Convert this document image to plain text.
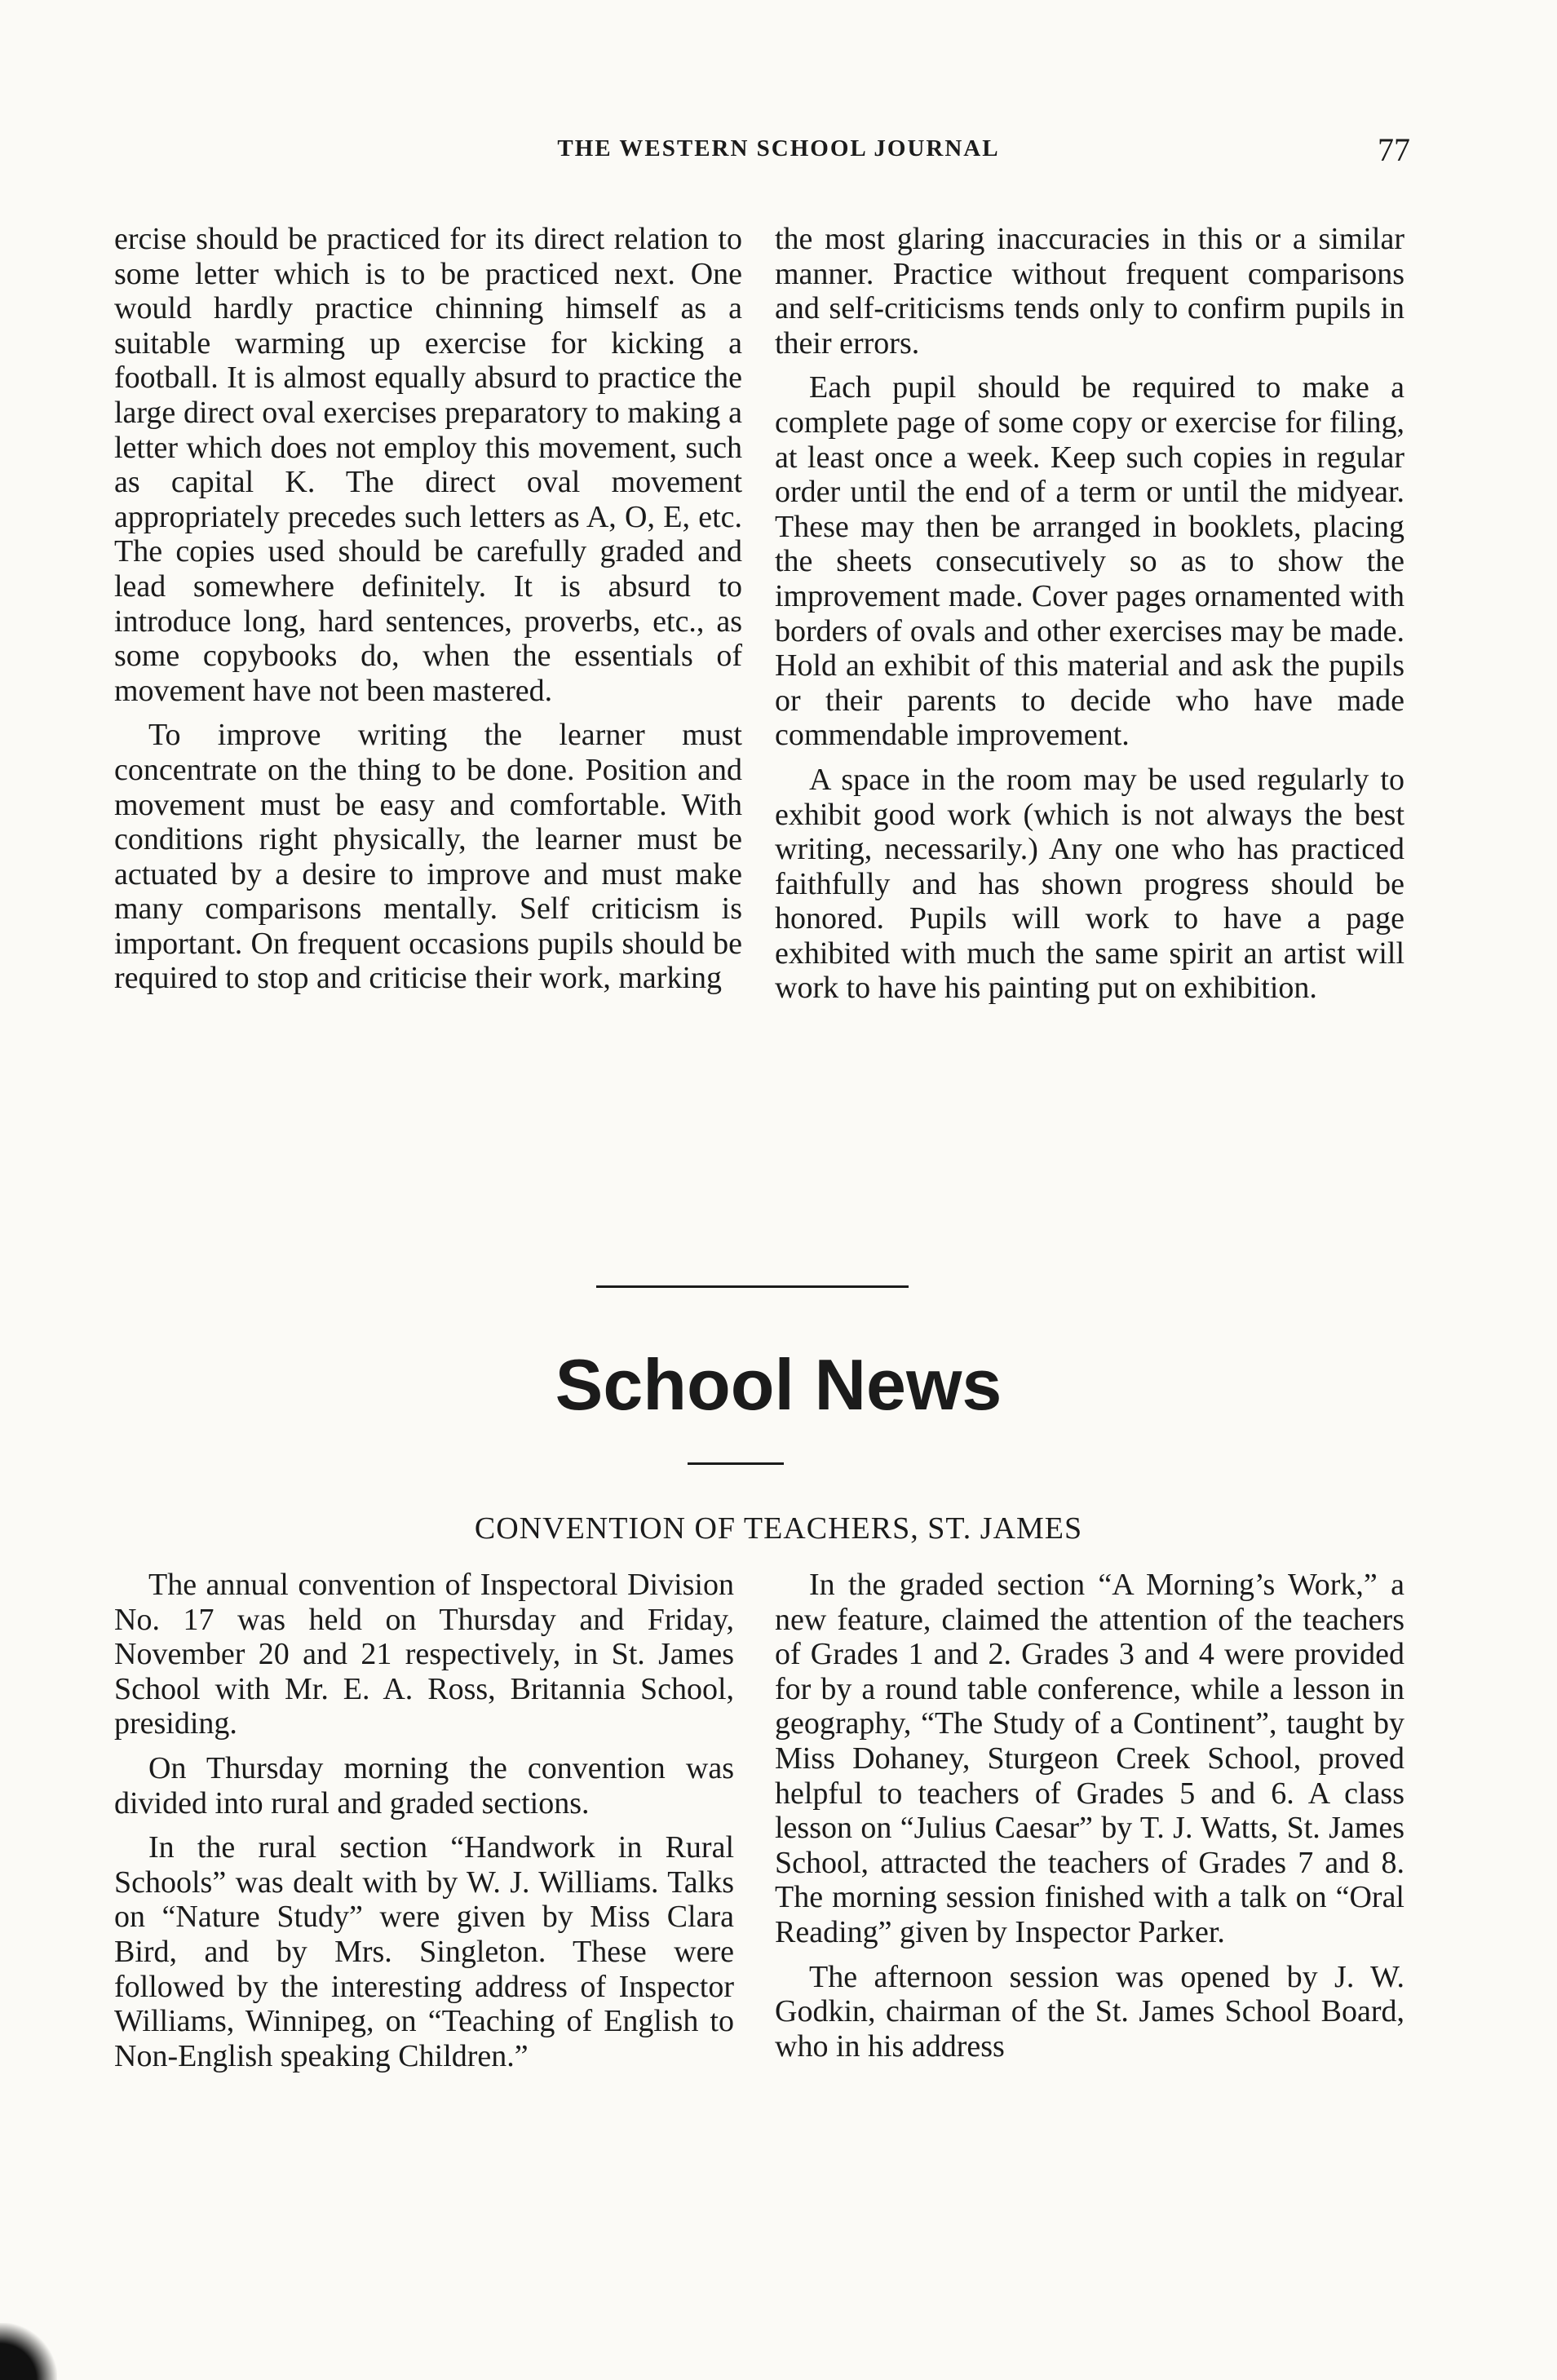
THE WESTERN SCHOOL JOURNAL	77

ercise should be practiced for its direct relation to some letter which is to be practiced next. One would hardly practice chinning himself as a suitable warming up exercise for kicking a football. It is almost equally absurd to practice the large direct oval exercises preparatory to making a letter which does not employ this movement, such as capital K. The direct oval movement appropriately precedes such letters as A, O, E, etc. The copies used should be carefully graded and lead somewhere definitely. It is absurd to introduce long, hard sentences, proverbs, etc., as some copybooks do, when the essentials of movement have not been mastered.

To improve writing the learner must concentrate on the thing to be done. Position and movement must be easy and comfortable. With conditions right physically, the learner must be actuated by a desire to improve and must make many comparisons mentally. Self criticism is important. On frequent occasions pupils should be required to stop and criticise their work, marking

the most glaring inaccuracies in this or a similar manner. Practice without frequent comparisons and self-criticisms tends only to confirm pupils in their errors.

Each pupil should be required to make a complete page of some copy or exercise for filing, at least once a week. Keep such copies in regular order until the end of a term or until the midyear. These may then be arranged in booklets, placing the sheets consecutively so as to show the improvement made. Cover pages ornamented with borders of ovals and other exercises may be made. Hold an exhibit of this material and ask the pupils or their parents to decide who have made commendable improvement.

A space in the room may be used regularly to exhibit good work (which is not always the best writing, necessarily.) Any one who has practiced faithfully and has shown progress should be honored. Pupils will work to have a page exhibited with much the same spirit an artist will work to have his painting put on exhibition.

School News
CONVENTION OF TEACHERS, ST. JAMES

The annual convention of Inspectoral Division No. 17 was held on Thursday and Friday, November 20 and 21 respectively, in St. James School with Mr. E. A. Ross, Britannia School, presiding.

On Thursday morning the convention was divided into rural and graded sections.

In the rural section “Handwork in Rural Schools” was dealt with by W. J. Williams. Talks on “Nature Study” were given by Miss Clara Bird, and by Mrs. Singleton. These were followed by the interesting address of Inspector Williams, Winnipeg, on “Teaching of English to Non-English speaking Children.”

In the graded section “A Morning’s Work,” a new feature, claimed the attention of the teachers of Grades 1 and 2. Grades 3 and 4 were provided for by a round table conference, while a lesson in geography, “The Study of a Continent”, taught by Miss Dohaney, Sturgeon Creek School, proved helpful to teachers of Grades 5 and 6. A class lesson on “Julius Caesar” by T. J. Watts, St. James School, attracted the teachers of Grades 7 and 8. The morning session finished with a talk on “Oral Reading” given by Inspector Parker.

The afternoon session was opened by J. W. Godkin, chairman of the St. James School Board, who in his address
